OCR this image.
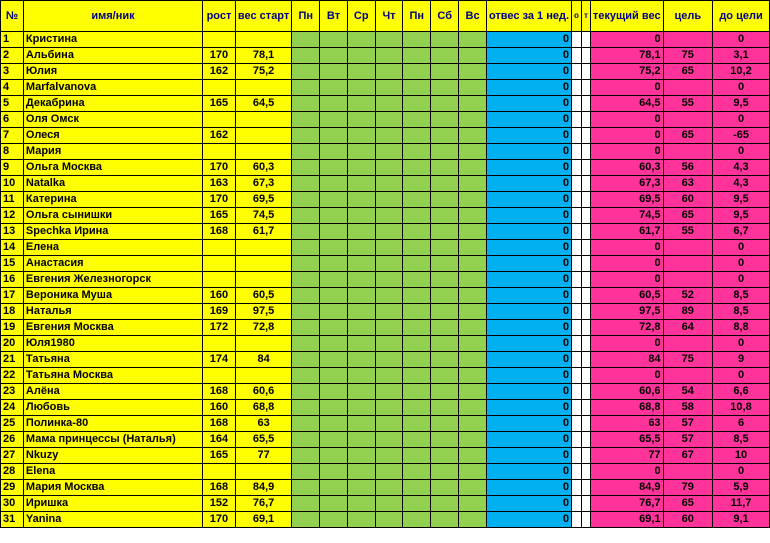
№	имя/ник	рост	вес старт	Пн	Вт	Ср	Чт	Пн	Сб	Вс	отвес за 1 нед.	о	т	текущий вес	цель	до цели
1	Кристина										0			0		0
2	Альбина	170	78,1								0			78,1	75	3,1
3	Юлия	162	75,2								0			75,2	65	10,2
4	Marfalvanova										0			0		0
5	Декабрина	165	64,5								0			64,5	55	9,5
6	Оля Омск										0			0		0
7	Олеся	162									0			0	65	-65
8	Мария										0			0		0
9	Ольга Москва	170	60,3								0			60,3	56	4,3
10	Natalka	163	67,3								0			67,3	63	4,3
11	Катерина	170	69,5								0			69,5	60	9,5
12	Ольга сынишки	165	74,5								0			74,5	65	9,5
13	Spechka Ирина	168	61,7								0			61,7	55	6,7
14	Елена										0			0		0
15	Анастасия										0			0		0
16	Евгения Железногорск										0			0		0
17	Вероника Муша	160	60,5								0			60,5	52	8,5
18	Наталья	169	97,5								0			97,5	89	8,5
19	Евгения Москва	172	72,8								0			72,8	64	8,8
20	Юля1980										0			0		0
21	Татьяна	174	84								0			84	75	9
22	Татьяна Москва										0			0		0
23	Алёна	168	60,6								0			60,6	54	6,6
24	Любовь	160	68,8								0			68,8	58	10,8
25	Полинка-80	168	63								0			63	57	6
26	Мама принцессы (Наталья)	164	65,5								0			65,5	57	8,5
27	Nkuzy	165	77								0			77	67	10
28	Elena										0			0		0
29	Мария Москва	168	84,9								0			84,9	79	5,9
30	Иришка	152	76,7								0			76,7	65	11,7
31	Yanina	170	69,1								0			69,1	60	9,1
